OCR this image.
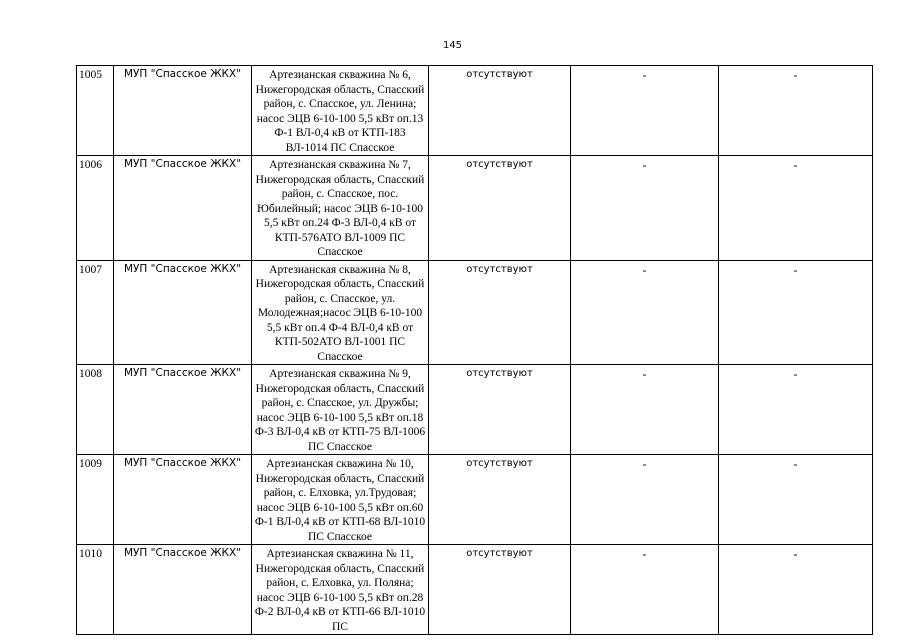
145
1005	МУП "Спасское ЖКХ"	Артезианская скважина № 6, Нижегородская область, Спасский район, с. Спасское, ул. Ленина; насос ЭЦВ 6-10-100 5,5 кВт оп.13 Ф-1 ВЛ-0,4 кВ от КТП-183 ВЛ-1014 ПС Спасское	отсутствуют	-	-
1006	МУП "Спасское ЖКХ"	Артезианская скважина № 7, Нижегородская область, Спасский район, с. Спасское, пос. Юбилейный; насос ЭЦВ 6-10-100 5,5 кВт оп.24 Ф-3 ВЛ-0,4 кВ от КТП-576АТО ВЛ-1009 ПС Спасское	отсутствуют	-	-
1007	МУП "Спасское ЖКХ"	Артезианская скважина № 8, Нижегородская область, Спасский район, с. Спасское, ул. Молодежная;насос ЭЦВ 6-10-100 5,5 кВт оп.4 Ф-4 ВЛ-0,4 кВ от КТП-502АТО ВЛ-1001 ПС Спасское	отсутствуют	-	-
1008	МУП "Спасское ЖКХ"	Артезианская скважина № 9, Нижегородская область, Спасский район, с. Спасское, ул. Дружбы; насос ЭЦВ 6-10-100 5,5 кВт оп.18 Ф-3 ВЛ-0,4 кВ от КТП-75 ВЛ-1006 ПС Спасское	отсутствуют	-	-
1009	МУП "Спасское ЖКХ"	Артезианская скважина № 10, Нижегородская область, Спасский район, с. Елховка, ул.Трудовая; насос ЭЦВ 6-10-100 5,5 кВт оп.60 Ф-1 ВЛ-0,4 кВ от КТП-68 ВЛ-1010 ПС Спасское	отсутствуют	-	-
1010	МУП "Спасское ЖКХ"	Артезианская скважина № 11, Нижегородская область, Спасский район, с. Елховка, ул. Поляна; насос ЭЦВ 6-10-100 5,5 кВт оп.28 Ф-2 ВЛ-0,4 кВ от КТП-66 ВЛ-1010 ПС	отсутствуют	-	-
